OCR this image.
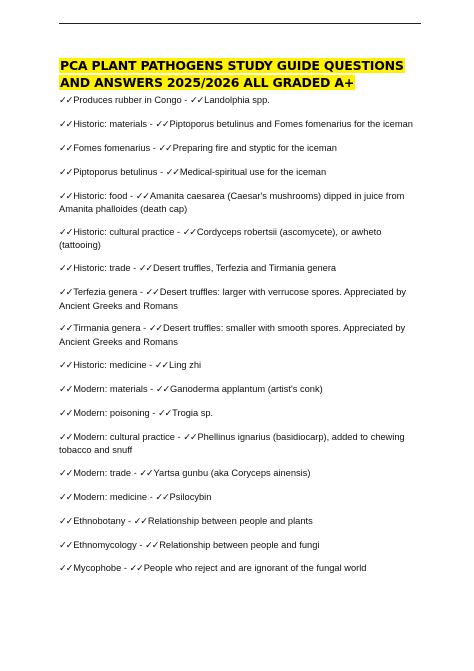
PCA PLANT PATHOGENS STUDY GUIDE QUESTIONS AND ANSWERS 2025/2026 ALL GRADED A+
✓✓Produces rubber in Congo - ✓✓Landolphia spp.
✓✓Historic: materials - ✓✓Piptoporus betulinus and Fomes fomenarius for the iceman
✓✓Fomes fomenarius - ✓✓Preparing fire and styptic for the iceman
✓✓Piptoporus betulinus - ✓✓Medical-spiritual use for the iceman
✓✓Historic: food - ✓✓Amanita caesarea (Caesar's mushrooms) dipped in juice from Amanita phalloides (death cap)
✓✓Historic: cultural practice - ✓✓Cordyceps robertsii (ascomycete), or awheto (tattooing)
✓✓Historic: trade - ✓✓Desert truffles, Terfezia and Tirmania genera
✓✓Terfezia genera - ✓✓Desert truffles: larger with verrucose spores. Appreciated by Ancient Greeks and Romans
✓✓Tirmania genera - ✓✓Desert truffles: smaller with smooth spores. Appreciated by Ancient Greeks and Romans
✓✓Historic: medicine - ✓✓Ling zhi
✓✓Modern: materials - ✓✓Ganoderma applantum (artist's conk)
✓✓Modern: poisoning - ✓✓Trogia sp.
✓✓Modern: cultural practice - ✓✓Phellinus ignarius (basidiocarp), added to chewing tobacco and snuff
✓✓Modern: trade - ✓✓Yartsa gunbu (aka Coryceps ainensis)
✓✓Modern: medicine - ✓✓Psilocybin
✓✓Ethnobotany - ✓✓Relationship between people and plants
✓✓Ethnomycology - ✓✓Relationship between people and fungi
✓✓Mycophobe - ✓✓People who reject and are ignorant of the fungal world
